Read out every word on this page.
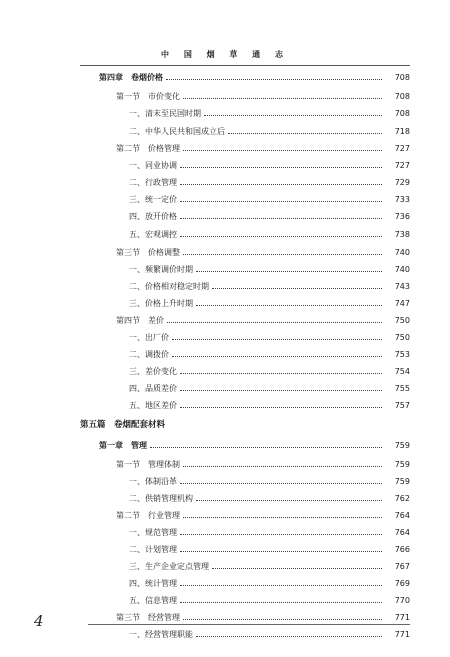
中 国 烟 草 通 志
第四章　卷烟价格	708
第一节　市价变化	708
一、清末至民国时期	708
二、中华人民共和国成立后	718
第二节　价格管理	727
一、同业协调	727
二、行政管理	729
三、统一定价	733
四、放开价格	736
五、宏观调控	738
第三节　价格调整	740
一、频繁调价时期	740
二、价格相对稳定时期	743
三、价格上升时期	747
第四节　差价	750
一、出厂价	750
二、调拨价	753
三、差价变化	754
四、品质差价	755
五、地区差价	757
第五篇　卷烟配套材料
第一章　管理	759
第一节　管理体制	759
一、体制沿革	759
二、供销管理机构	762
第二节　行业管理	764
一、规范管理	764
二、计划管理	766
三、生产企业定点管理	767
四、统计管理	769
五、信息管理	770
第三节　经营管理	771
一、经营管理职能	771
4
